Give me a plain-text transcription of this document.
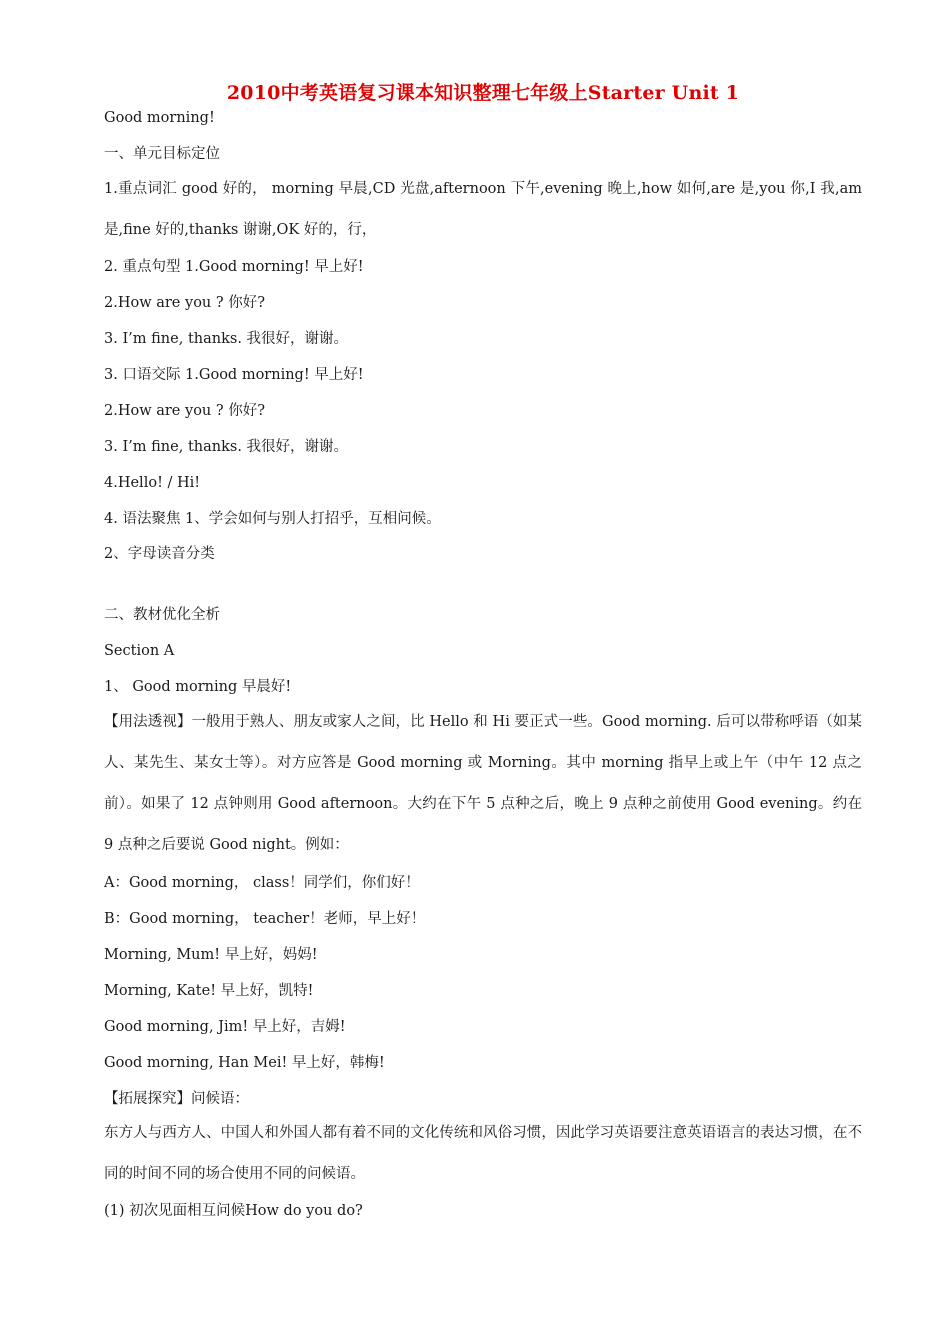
2010中考英语复习课本知识整理七年级上Starter Unit 1
Good morning!
一、单元目标定位
2. 重点句型 1.Good morning! 早上好!
2.How are you ? 你好?
3. I’m fine, thanks. 我很好，谢谢。
3. 口语交际 1.Good morning! 早上好!
2.How are you ? 你好?
3. I’m fine, thanks. 我很好，谢谢。
4.Hello! / Hi!
4. 语法聚焦 1、学会如何与别人打招乎，互相问候。
2、字母读音分类
二、教材优化全析
Section A
1、 Good morning 早晨好!
A：Good morning， class！同学们，你们好！
B：Good morning， teacher！老师，早上好！
Morning, Mum! 早上好，妈妈!
Morning, Kate! 早上好，凯特!
Good morning, Jim! 早上好，吉姆!
Good morning, Han Mei! 早上好，韩梅!
【拓展探究】问候语：
(1) 初次见面相互问候How do you do?
1.重点词汇 good 好的， morning 早晨,CD 光盘,afternoon 下午,evening 晚上,how 如何,are 是,you 你,I 我,am 是,fine 好的,thanks 谢谢,OK 好的，行，
【用法透视】一般用于熟人、朋友或家人之间，比 Hello 和 Hi 要正式一些。Good morning. 后可以带称呼语（如某人、某先生、某女士等）。对方应答是 Good morning 或 Morning。其中 morning 指早上或上午（中午 12 点之前）。如果了 12 点钟则用 Good afternoon。大约在下午 5 点种之后，晚上 9 点种之前使用 Good evening。约在 9 点种之后要说 Good night。例如：
东方人与西方人、中国人和外国人都有着不同的文化传统和风俗习惯，因此学习英语要注意英语语言的表达习惯，在不同的时间不同的场合使用不同的问候语。
